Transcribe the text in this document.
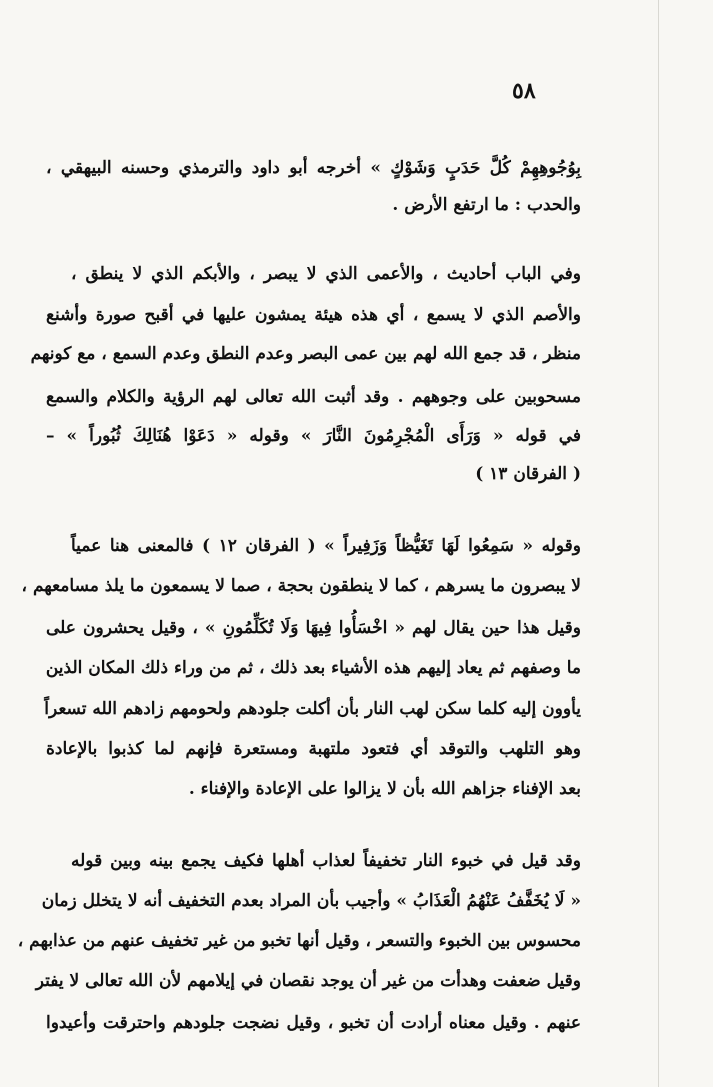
٥٨
بِوُجُوهِهِمْ كُلَّ حَدَبٍ وَشَوْكٍ » أخرجه أبو داود والترمذي وحسنه البيهقي ،
والحدب : ما ارتفع الأرض .
وفي الباب أحاديث ، والأعمى الذي لا يبصر ، والأبكم الذي لا ينطق ،
والأصم الذي لا يسمع ، أي هذه هيئة يمشون عليها في أقبح صورة وأشنع
منظر ، قد جمع الله لهم بين عمى البصر وعدم النطق وعدم السمع ، مع كونهم
مسحوبين على وجوههم . وقد أثبت الله تعالى لهم الرؤية والكلام والسمع
في قوله « وَرَأَى الْمُجْرِمُونَ النَّارَ » وقوله « دَعَوْا هُنَالِكَ ثُبُوراً » –
( الفرقان ١٣ )
وقوله « سَمِعُوا لَهَا تَغَيُّظاً وَزَفِيراً » ( الفرقان ١٢ ) فالمعنى هنا عمياً
لا يبصرون ما يسرهم ، كما لا ينطقون بحجة ، صما لا يسمعون ما يلذ مسامعهم ،
وقيل هذا حين يقال لهم « اخْسَأُوا فِيهَا وَلَا تُكَلِّمُونِ » ، وقيل يحشرون على
ما وصفهم ثم يعاد إليهم هذه الأشياء بعد ذلك ، ثم من وراء ذلك المكان الذين
يأوون إليه كلما سكن لهب النار بأن أكلت جلودهم ولحومهم زادهم الله تسعراً
وهو التلهب والتوقد أي فتعود ملتهبة ومستعرة فإنهم لما كذبوا بالإعادة
بعد الإفناء جزاهم الله بأن لا يزالوا على الإعادة والإفناء .
وقد قيل في خبوء النار تخفيفاً لعذاب أهلها فكيف يجمع بينه وبين قوله
« لَا يُخَفَّفُ عَنْهُمُ الْعَذَابُ » وأجيب بأن المراد بعدم التخفيف أنه لا يتخلل زمان
محسوس بين الخبوء والتسعر ، وقيل أنها تخبو من غير تخفيف عنهم من عذابهم ،
وقيل ضعفت وهدأت من غير أن يوجد نقصان في إيلامهم لأن الله تعالى لا يفتر
عنهم . وقيل معناه أرادت أن تخبو ، وقيل نضجت جلودهم واحترقت وأعيدوا
